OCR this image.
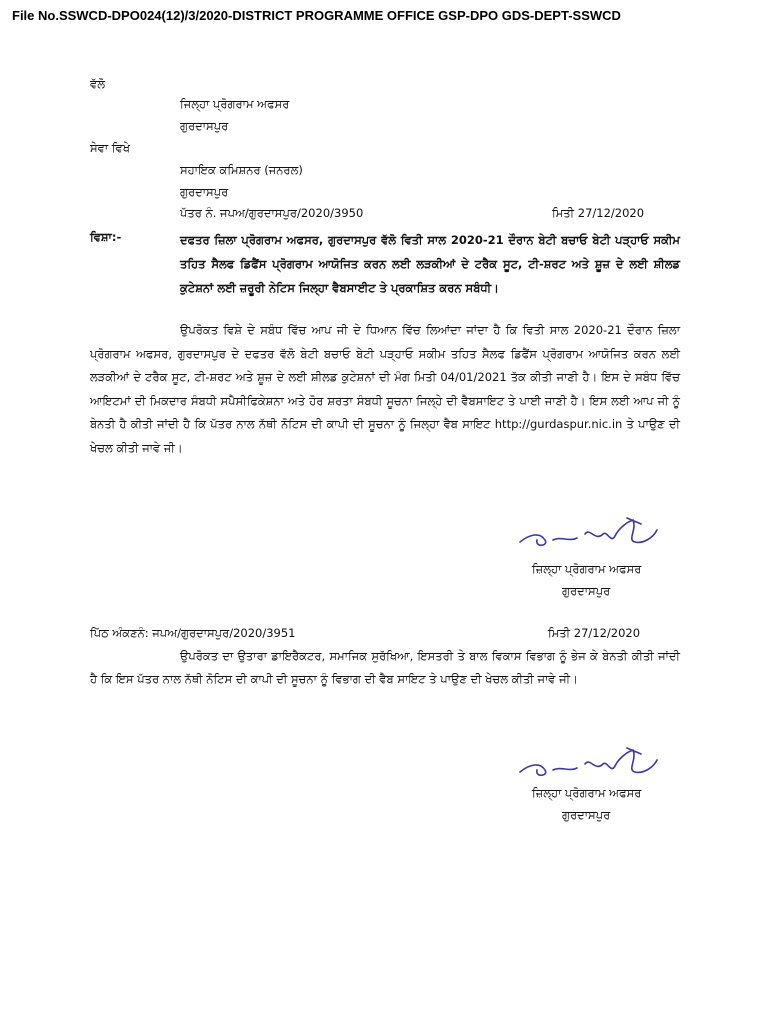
File No.SSWCD-DPO024(12)/3/2020-DISTRICT PROGRAMME OFFICE GSP-DPO GDS-DEPT-SSWCD
ਵੱਲੋ
ਜਿਲ੍ਹਾ ਪ੍ਰੋਗਰਾਮ ਅਫਸਰ
ਗੁਰਦਾਸਪੁਰ
ਸੇਵਾ ਵਿਖੇ
ਸਹਾਇਕ ਕਮਿਸ਼ਨਰ (ਜਨਰਲ)
ਗੁਰਦਾਸਪੁਰ
ਪੱਤਰ ਨੰ. ਜਪਅ/ਗੁਰਦਾਸਪੁਰ/2020/3950	ਮਿਤੀ 27/12/2020
ਵਿਸ਼ਾ:-	ਦਫਤਰ ਜ਼ਿਲਾ ਪ੍ਰੋਗਰਾਮ ਅਫਸਰ, ਗੁਰਦਾਸਪੁਰ ਵੱਲੋ ਵਿਤੀ ਸਾਲ 2020-21 ਦੌਰਾਨ ਬੇਟੀ ਬਚਾਓ ਬੇਟੀ ਪੜ੍ਹਾਓ ਸਕੀਮ ਤਹਿਤ ਸੈਲਫ ਡਿਫੈਂਸ ਪ੍ਰੋਗਰਾਮ ਆਯੋਜਿਤ ਕਰਨ ਲਈ ਲੜਕੀਆਂ ਦੇ ਟਰੈਕ ਸੂਟ, ਟੀ-ਸ਼ਰਟ ਅਤੇ ਸ਼ੂਜ਼ ਦੇ ਲਈ ਸ਼ੀਲਡ ਕੁਟੇਸ਼ਨਾਂ ਲਈ ਜ਼ਰੂਰੀ ਨੇਟਿਸ ਜਿਲ੍ਹਾ ਵੈਬਸਾਈਟ ਤੇ ਪ੍ਰਕਾਸ਼ਿਤ ਕਰਨ ਸਬੰਧੀ।
ਉਪਰੋਕਤ ਵਿਸ਼ੇ ਦੇ ਸਬੰਧ ਵਿੱਚ ਆਪ ਜੀ ਦੇ ਧਿਆਨ ਵਿੱਚ ਲਿਆਂਦਾ ਜਾਂਦਾ ਹੈ ਕਿ ਵਿਤੀ ਸਾਲ 2020-21 ਦੌਰਾਨ ਜ਼ਿਲਾ ਪ੍ਰੋਗਰਾਮ ਅਫਸਰ, ਗੁਰਦਾਸਪੁਰ ਦੇ ਦਫਤਰ ਵੱਲੋ ਬੇਟੀ ਬਚਾਓ ਬੇਟੀ ਪੜ੍ਹਾਓ ਸਕੀਮ ਤਹਿਤ ਸੈਲਫ ਡਿਫੈਂਸ ਪ੍ਰੋਗਰਾਮ ਆਯੋਜਿਤ ਕਰਨ ਲਈ ਲੜਕੀਆਂ ਦੇ ਟਰੈਕ ਸੂਟ, ਟੀ-ਸ਼ਰਟ ਅਤੇ ਸ਼ੂਜ਼ ਦੇ ਲਈ ਸ਼ੀਲਡ ਕੁਟੇਸ਼ਨਾਂ ਦੀ ਮੰਗ ਮਿਤੀ 04/01/2021 ਤੱਕ ਕੀਤੀ ਜਾਣੀ ਹੈ। ਇਸ ਦੇ ਸਬੰਧ ਵਿੱਚ ਆਇਟਮਾਂ ਦੀ ਮਿਕਦਾਰ ਸੰਬਧੀ ਸਪੈਸੀਫਿਕੇਸ਼ਨਾ ਅਤੇ ਹੋਰ ਸ਼ਰਤਾ ਸੰਬਧੀ ਸੂਚਨਾ ਜਿਲ੍ਹੇ ਦੀ ਵੈਬਸਾਇਟ ਤੇ ਪਾਈ ਜਾਣੀ ਹੈ। ਇਸ ਲਈ ਆਪ ਜੀ ਨੂੰ ਬੇਨਤੀ ਹੈ ਕੀਤੀ ਜਾਂਦੀ ਹੈ ਕਿ ਪੱਤਰ ਨਾਲ ਨੱਥੀ ਨੋਟਿਸ ਦੀ ਕਾਪੀ ਦੀ ਸੂਚਨਾ ਨੂੰ ਜਿਲ੍ਹਾ ਵੈਬ ਸਾਇਟ http://gurdaspur.nic.in ਤੇ ਪਾਉਣ ਦੀ ਖੇਚਲ ਕੀਤੀ ਜਾਵੇ ਜੀ।
ਜ਼ਿਲ੍ਹਾ ਪ੍ਰੋਗਰਾਮ ਅਫਸਰ
ਗੁਰਦਾਸਪੁਰ
ਪਿੱਠ ਅੰਕਣਨੰ: ਜਪਅ/ਗੁਰਦਾਸਪੁਰ/2020/3951	ਮਿਤੀ 27/12/2020
ਉਪਰੋਕਤ ਦਾ ਉਤਾਰਾ ਡਾਇਰੈਕਟਰ, ਸਮਾਜਿਕ ਸੁਰੱਖਿਆ, ਇਸਤਰੀ ਤੇ ਬਾਲ ਵਿਕਾਸ ਵਿਭਾਗ ਨੂੰ ਭੇਜ ਕੇ ਬੇਨਤੀ ਕੀਤੀ ਜਾਂਦੀ ਹੈ ਕਿ ਇਸ ਪੱਤਰ ਨਾਲ ਨੱਥੀ ਨੋਟਿਸ ਦੀ ਕਾਪੀ ਦੀ ਸੂਚਨਾ ਨੂੰ ਵਿਭਾਗ ਦੀ ਵੈਬ ਸਾਇਟ ਤੇ ਪਾਉਣ ਦੀ ਖੇਚਲ ਕੀਤੀ ਜਾਵੇ ਜੀ।
ਜ਼ਿਲ੍ਹਾ ਪ੍ਰੋਗਰਾਮ ਅਫਸਰ
ਗੁਰਦਾਸਪੁਰ
